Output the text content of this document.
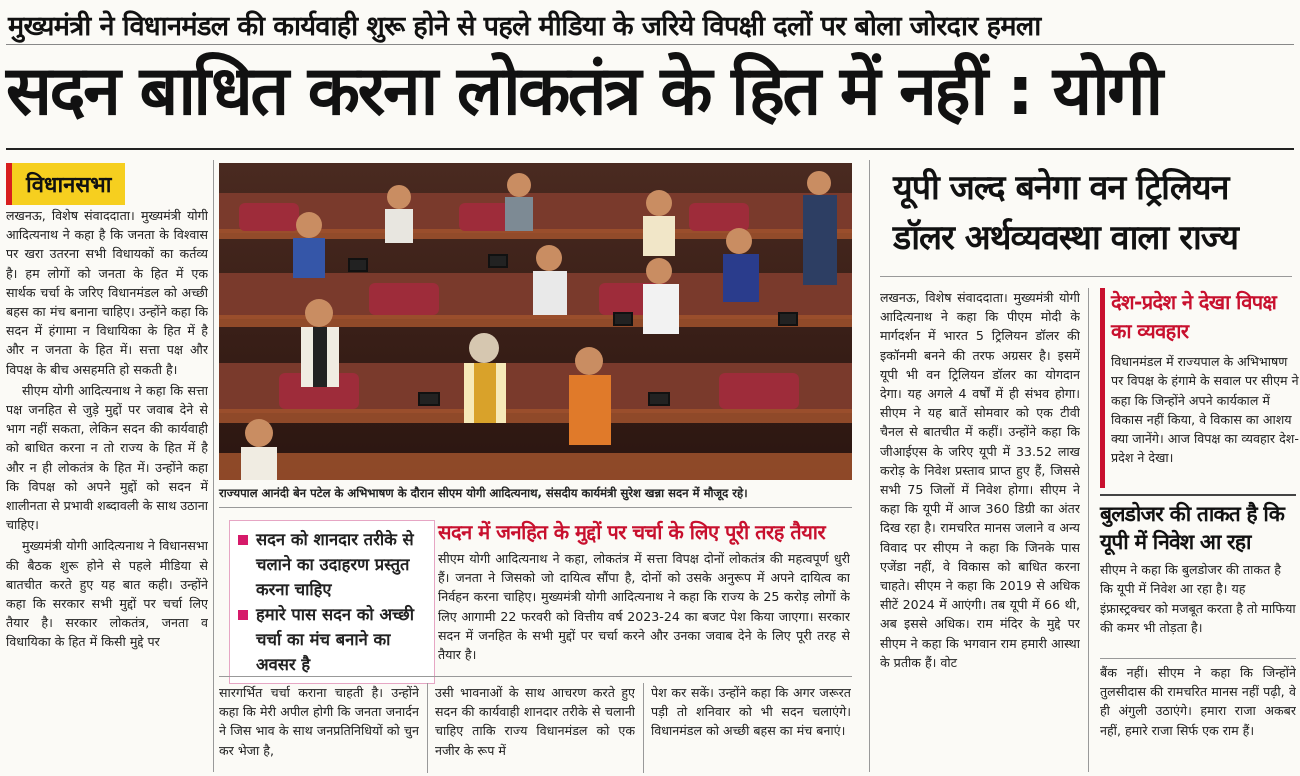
मुख्यमंत्री ने विधानमंडल की कार्यवाही शुरू होने से पहले मीडिया के जरिये विपक्षी दलों पर बोला जोरदार हमला
सदन बाधित करना लोकतंत्र के हित में नहीं : योगी
विधानसभा

लखनऊ, विशेष संवाददाता। मुख्यमंत्री योगी आदित्यनाथ ने कहा है कि जनता के विश्वास पर खरा उतरना सभी विधायकों का कर्तव्य है। हम लोगों को जनता के हित में एक सार्थक चर्चा के जरिए विधानमंडल को अच्छी बहस का मंच बनाना चाहिए। उन्होंने कहा कि सदन में हंगामा न विधायिका के हित में है और न जनता के हित में। सत्ता पक्ष और विपक्ष के बीच असहमति हो सकती है।

सीएम योगी आदित्यनाथ ने कहा कि सत्ता पक्ष जनहित से जुड़े मुद्दों पर जवाब देने से भाग नहीं सकता, लेकिन सदन की कार्यवाही को बाधित करना न तो राज्य के हित में है और न ही लोकतंत्र के हित में। उन्होंने कहा कि विपक्ष को अपने मुद्दों को सदन में शालीनता से प्रभावी शब्दावली के साथ उठाना चाहिए।

मुख्यमंत्री योगी आदित्यनाथ ने विधानसभा की बैठक शुरू होने से पहले मीडिया से बातचीत करते हुए यह बात कही। उन्होंने कहा कि सरकार सभी मुद्दों पर चर्चा लिए तैयार है। सरकार लोकतंत्र, जनता व विधायिका के हित में किसी मुद्दे पर

राज्यपाल आनंदी बेन पटेल के अभिभाषण के दौरान सीएम योगी आदित्यनाथ, संसदीय कार्यमंत्री सुरेश खन्ना सदन में मौजूद रहे।
सदन को शानदार तरीके से चलाने का उदाहरण प्रस्तुत करना चाहिए
हमारे पास सदन को अच्छी चर्चा का मंच बनाने का अवसर है
सदन में जनहित के मुद्दों पर चर्चा के लिए पूरी तरह तैयार
सीएम योगी आदित्यनाथ ने कहा, लोकतंत्र में सत्ता विपक्ष दोनों लोकतंत्र की महत्वपूर्ण धुरी हैं। जनता ने जिसको जो दायित्व सौंपा है, दोनों को उसके अनुरूप में अपने दायित्व का निर्वहन करना चाहिए। मुख्यमंत्री योगी आदित्यनाथ ने कहा कि राज्य के 25 करोड़ लोगों के लिए आगामी 22 फरवरी को वित्तीय वर्ष 2023-24 का बजट पेश किया जाएगा। सरकार सदन में जनहित के सभी मुद्दों पर चर्चा करने और उनका जवाब देने के लिए पूरी तरह से तैयार है।
सारगर्भित चर्चा कराना चाहती है। उन्होंने कहा कि मेरी अपील होगी कि जनता जनार्दन ने जिस भाव के साथ जनप्रतिनिधियों को चुन कर भेजा है,
उसी भावनाओं के साथ आचरण करते हुए सदन की कार्यवाही शानदार तरीके से चलानी चाहिए ताकि राज्य विधानमंडल को एक नजीर के रूप में
पेश कर सकें। उन्होंने कहा कि अगर जरूरत पड़ी तो शनिवार को भी सदन चलाएंगे। विधानमंडल को अच्छी बहस का मंच बनाएं।
यूपी जल्द बनेगा वन ट्रिलियन डॉलर अर्थव्यवस्था वाला राज्य
लखनऊ, विशेष संवाददाता। मुख्यमंत्री योगी आदित्यनाथ ने कहा कि पीएम मोदी के मार्गदर्शन में भारत 5 ट्रिलियन डॉलर की इकॉनमी बनने की तरफ अग्रसर है। इसमें यूपी भी वन ट्रिलियन डॉलर का योगदान देगा। यह अगले 4 वर्षों में ही संभव होगा। सीएम ने यह बातें सोमवार को एक टीवी चैनल से बातचीत में कहीं। उन्होंने कहा कि जीआईएस के जरिए यूपी में 33.52 लाख करोड़ के निवेश प्रस्ताव प्राप्त हुए हैं, जिससे सभी 75 जिलों में निवेश होगा। सीएम ने कहा कि यूपी में आज 360 डिग्री का अंतर दिख रहा है। रामचरित मानस जलाने व अन्य विवाद पर सीएम ने कहा कि जिनके पास एजेंडा नहीं, वे विकास को बाधित करना चाहते। सीएम ने कहा कि 2019 से अधिक सीटें 2024 में आएंगी। तब यूपी में 66 थी, अब इससे अधिक। राम मंदिर के मुद्दे पर सीएम ने कहा कि भगवान राम हमारी आस्था के प्रतीक हैं। वोट
देश-प्रदेश ने देखा विपक्ष का व्यवहार
विधानमंडल में राज्यपाल के अभिभाषण पर विपक्ष के हंगामे के सवाल पर सीएम ने कहा कि जिन्होंने अपने कार्यकाल में विकास नहीं किया, वे विकास का आशय क्या जानेंगे। आज विपक्ष का व्यवहार देश-प्रदेश ने देखा।
बुलडोजर की ताकत है कि यूपी में निवेश आ रहा
सीएम ने कहा कि बुलडोजर की ताकत है कि यूपी में निवेश आ रहा है। यह इंफ्रास्ट्रक्चर को मजबूत करता है तो माफिया की कमर भी तोड़ता है।
बैंक नहीं। सीएम ने कहा कि जिन्होंने तुलसीदास की रामचरित मानस नहीं पढ़ी, वे ही अंगुली उठाएंगे। हमारा राजा अकबर नहीं, हमारे राजा सिर्फ एक राम हैं।
